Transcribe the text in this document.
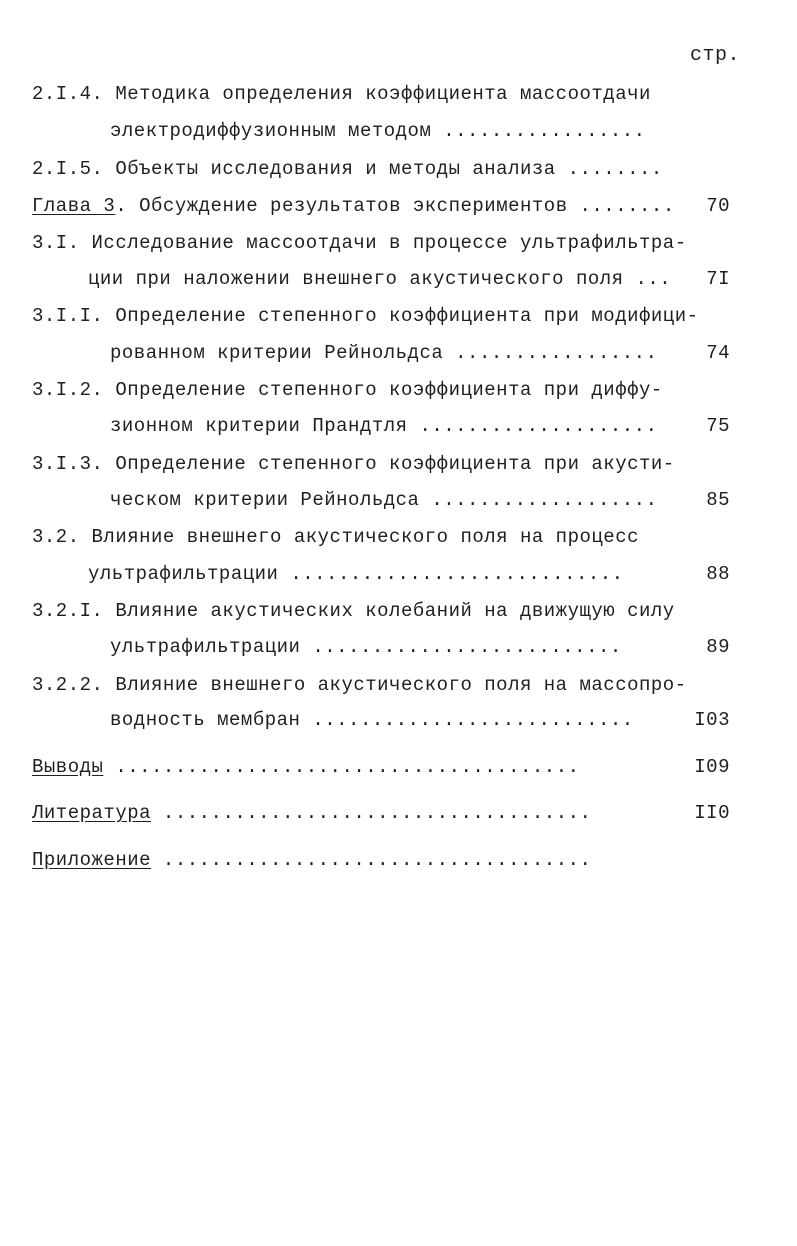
стр.
2.I.4. Методика определения коэффициента массоотдачи
электродиффузионным методом .................
2.I.5. Объекты исследования и методы анализа ........
Глава 3. Обсуждение результатов экспериментов ........	70
3.I. Исследование массоотдачи в процессе ультрафильтра-
ции при наложении внешнего акустического поля ...	7I
3.I.I. Определение степенного коэффициента при модифици-
рованном критерии Рейнольдса .................	74
3.I.2. Определение степенного коэффициента при диффу-
зионном критерии Прандтля ....................	75
3.I.3. Определение степенного коэффициента при акусти-
ческом критерии Рейнольдса ...................	85
3.2. Влияние внешнего акустического поля на процесс
ультрафильтрации ............................	88
3.2.I. Влияние акустических колебаний на движущую силу
ультрафильтрации ..........................	89
3.2.2. Влияние внешнего акустического поля на массопро-
водность мембран ...........................	I03
Выводы .......................................	I09
Литература ....................................	II0
Приложение ....................................
